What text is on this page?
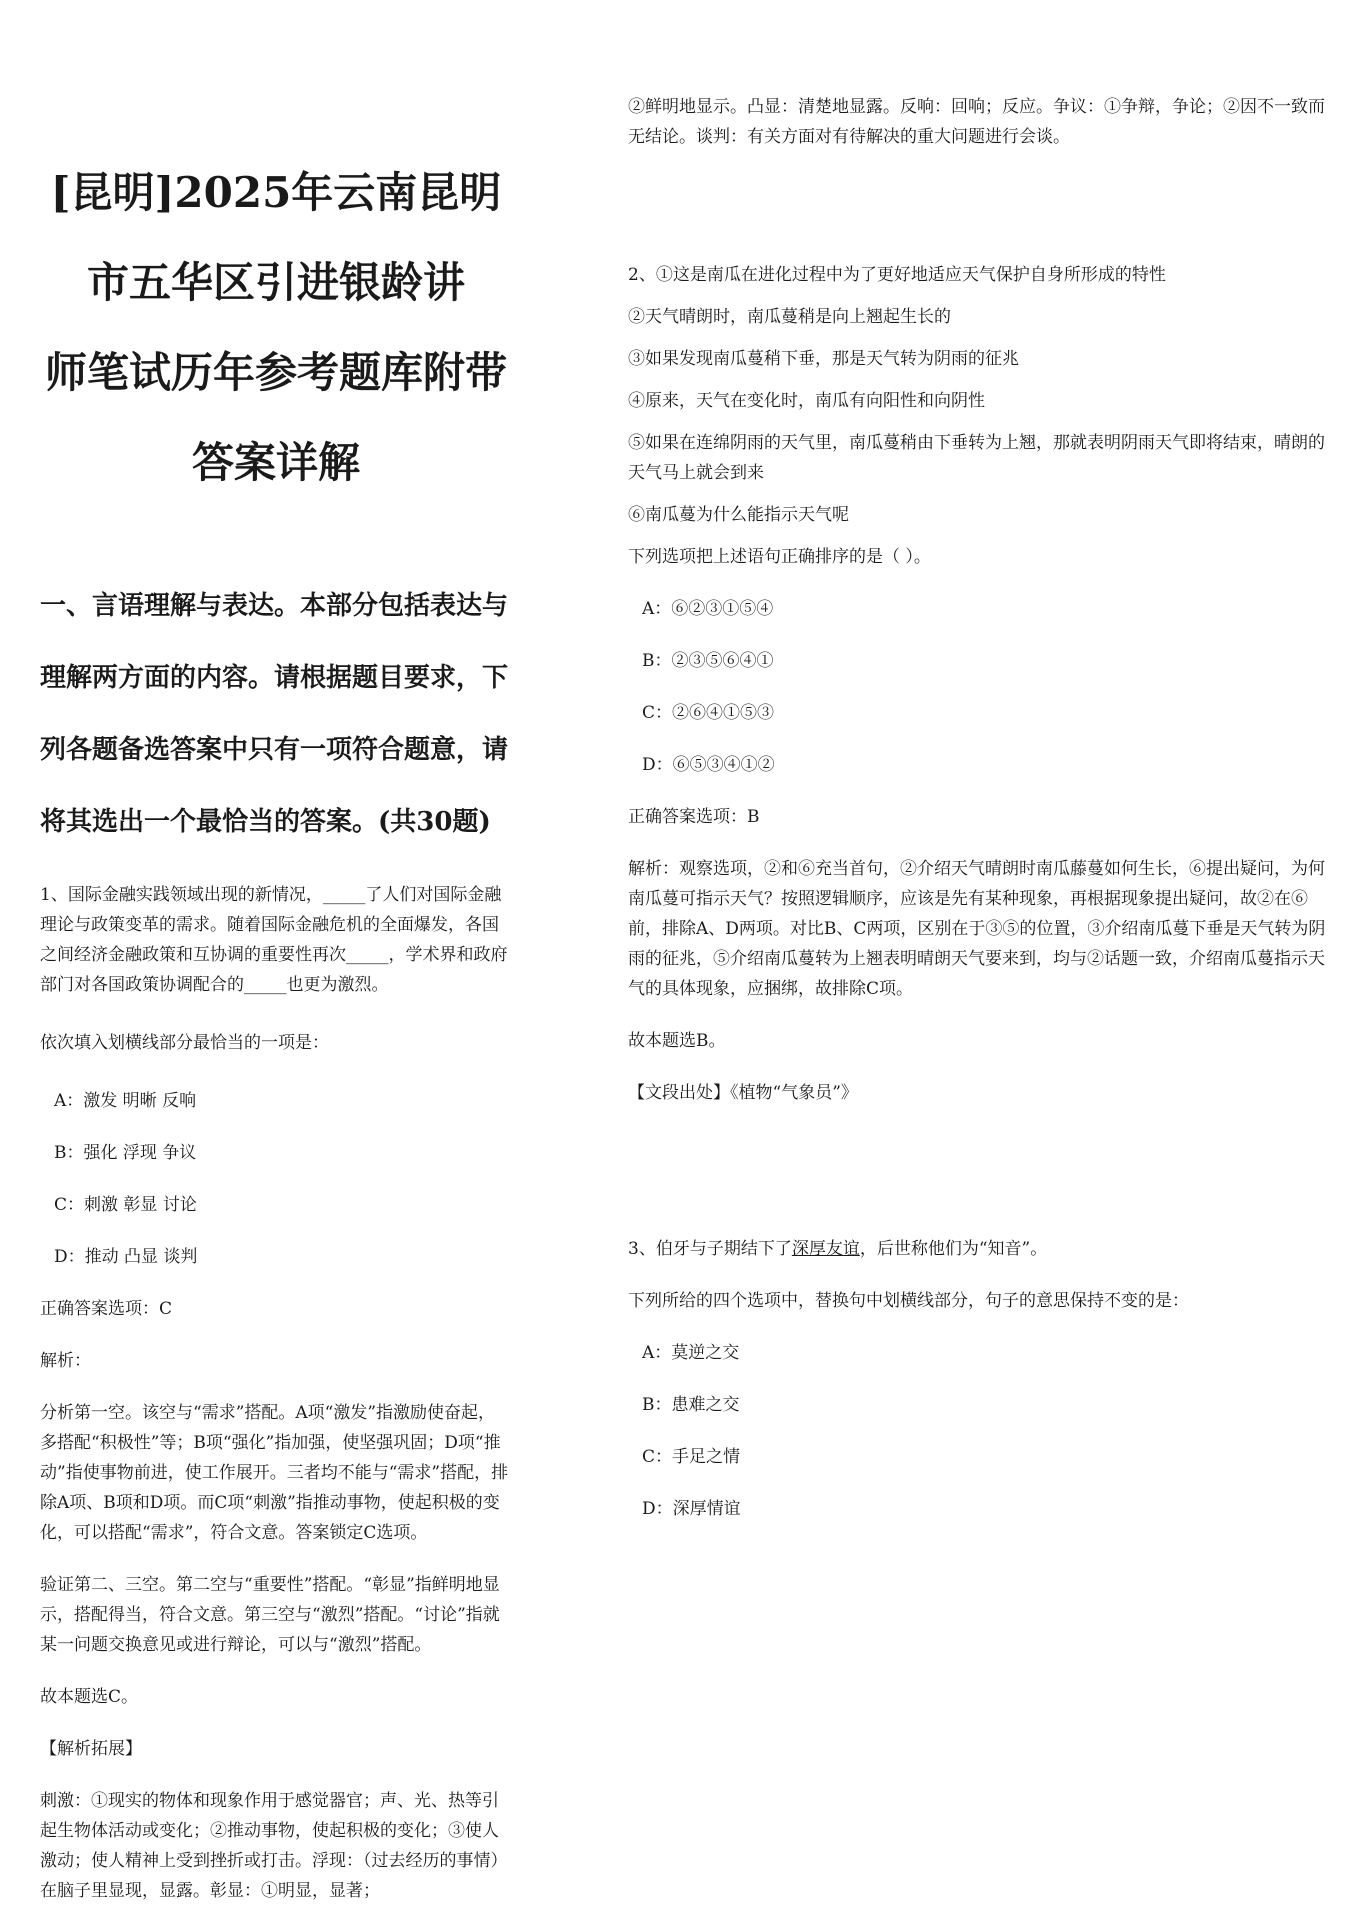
[昆明]2025年云南昆明市五华区引进银龄讲
师笔试历年参考题库附带答案详解

一、言语理解与表达。本部分包括表达与理解两方面的内容。请根据题目要求，下列各题备选答案中只有一项符合题意，请将其选出一个最恰当的答案。(共30题)

1、国际金融实践领域出现的新情况，_____了人们对国际金融理论与政策变革的需求。随着国际金融危机的全面爆发，各国之间经济金融政策和互协调的重要性再次_____，学术界和政府部门对各国政策协调配合的_____也更为激烈。

依次填入划横线部分最恰当的一项是：

A：激发 明晰 反响

B：强化 浮现 争议

C：刺激 彰显 讨论

D：推动 凸显 谈判

正确答案选项：C

解析：

分析第一空。该空与“需求”搭配。A项“激发”指激励使奋起，多搭配“积极性”等；B项“强化”指加强，使坚强巩固；D项“推动”指使事物前进，使工作展开。三者均不能与“需求”搭配，排除A项、B项和D项。而C项“刺激”指推动事物，使起积极的变化，可以搭配“需求”，符合文意。答案锁定C选项。

验证第二、三空。第二空与“重要性”搭配。“彰显”指鲜明地显示，搭配得当，符合文意。第三空与“激烈”搭配。“讨论”指就某一问题交换意见或进行辩论，可以与“激烈”搭配。

故本题选C。

【解析拓展】

刺激：①现实的物体和现象作用于感觉器官；声、光、热等引起生物体活动或变化；②推动事物，使起积极的变化；③使人激动；使人精神上受到挫折或打击。浮现：（过去经历的事情）在脑子里显现，显露。彰显：①明显，显著；

②鲜明地显示。凸显：清楚地显露。反响：回响；反应。争议：①争辩，争论；②因不一致而无结论。谈判：有关方面对有待解决的重大问题进行会谈。

2、①这是南瓜在进化过程中为了更好地适应天气保护自身所形成的特性

②天气晴朗时，南瓜蔓稍是向上翘起生长的

③如果发现南瓜蔓稍下垂，那是天气转为阴雨的征兆

④原来，天气在变化时，南瓜有向阳性和向阴性

⑤如果在连绵阴雨的天气里，南瓜蔓稍由下垂转为上翘，那就表明阴雨天气即将结束，晴朗的天气马上就会到来

⑥南瓜蔓为什么能指示天气呢

下列选项把上述语句正确排序的是（ ）。

A：⑥②③①⑤④

B：②③⑤⑥④①

C：②⑥④①⑤③

D：⑥⑤③④①②

正确答案选项：B

解析：观察选项，②和⑥充当首句，②介绍天气晴朗时南瓜藤蔓如何生长，⑥提出疑问，为何南瓜蔓可指示天气？按照逻辑顺序，应该是先有某种现象，再根据现象提出疑问，故②在⑥前，排除A、D两项。对比B、C两项，区别在于③⑤的位置，③介绍南瓜蔓下垂是天气转为阴雨的征兆，⑤介绍南瓜蔓转为上翘表明晴朗天气要来到，均与②话题一致，介绍南瓜蔓指示天气的具体现象，应捆绑，故排除C项。

故本题选B。

【文段出处】《植物“气象员”》

3、伯牙与子期结下了深厚友谊，后世称他们为“知音”。

下列所给的四个选项中，替换句中划横线部分，句子的意思保持不变的是：

A：莫逆之交

B：患难之交

C：手足之情

D：深厚情谊
